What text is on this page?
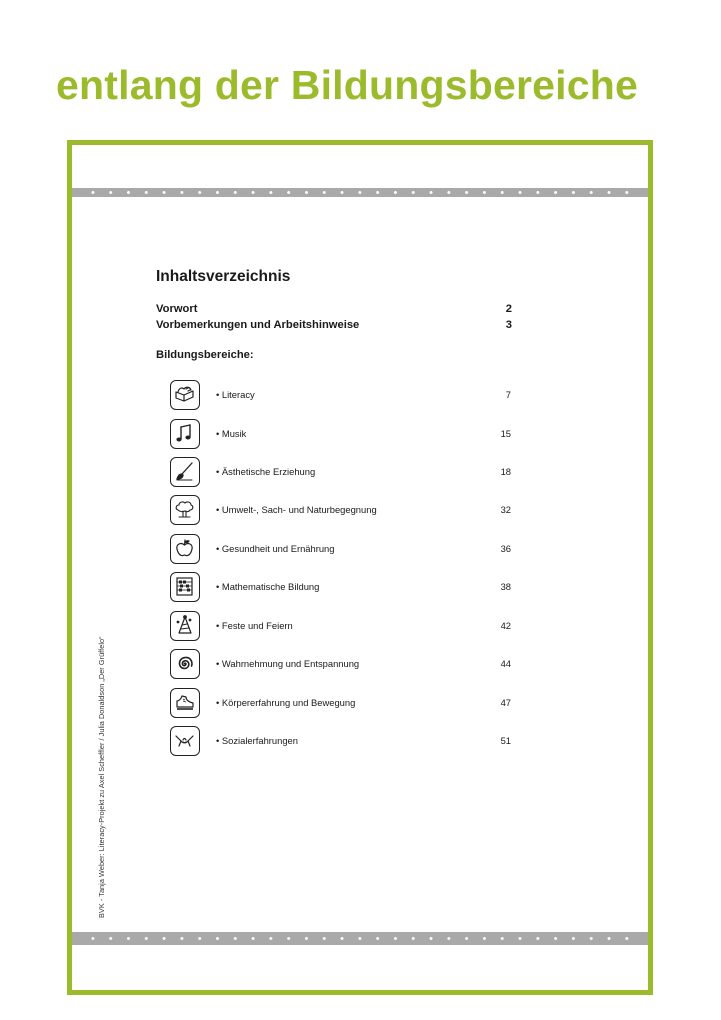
entlang der Bildungsbereiche
BVK - Tanja Weber: Literacy-Projekt zu Axel Scheffler / Julia Donaldson „Der Grüffelo“
Inhaltsverzeichnis
Vorwort	2
Vorbemerkungen und Arbeitshinweise	3
Bildungsbereiche:
• Literacy	7
• Musik	15
• Ästhetische Erziehung	18
• Umwelt-, Sach- und Naturbegegnung	32
• Gesundheit und Ernährung	36
• Mathematische Bildung	38
• Feste und Feiern	42
• Wahrnehmung und Entspannung	44
• Körpererfahrung und Bewegung	47
• Sozialerfahrungen	51
